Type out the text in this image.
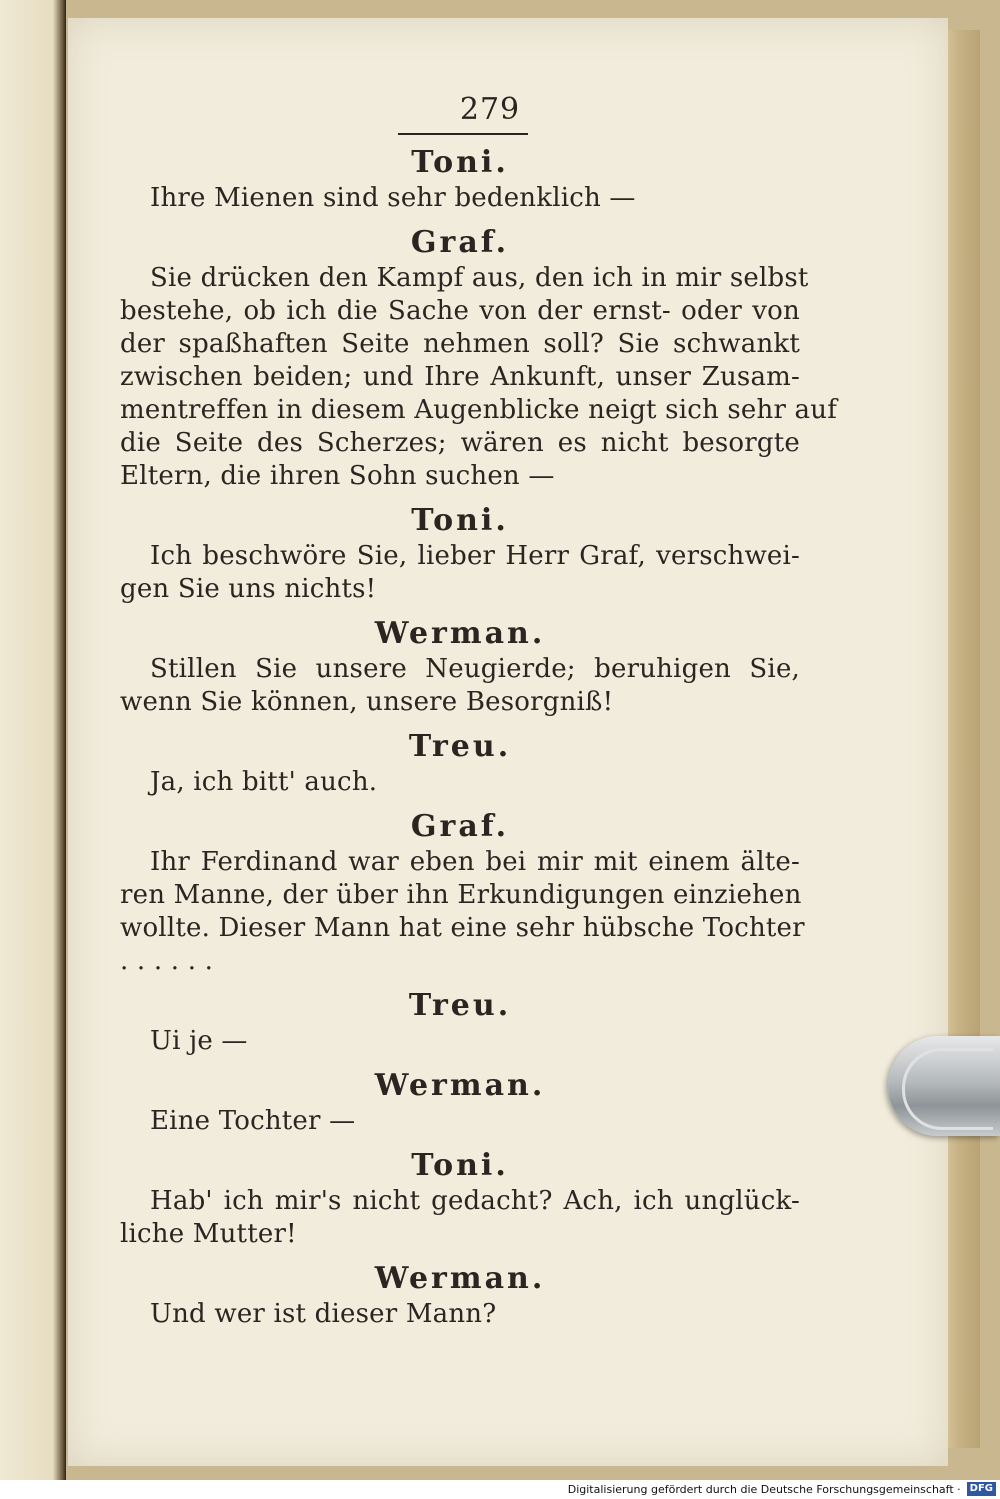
279
Toni.
Ihre Mienen sind sehr bedenklich —
Graf.
Sie drücken den Kampf aus, den ich in mir selbst
bestehe, ob ich die Sache von der ernst- oder von
der spaßhaften Seite nehmen soll? Sie schwankt
zwischen beiden; und Ihre Ankunft, unser Zusam-
mentreffen in diesem Augenblicke neigt sich sehr auf
die Seite des Scherzes; wären es nicht besorgte
Eltern, die ihren Sohn suchen —
Toni.
Ich beschwöre Sie, lieber Herr Graf, verschwei-
gen Sie uns nichts!
Werman.
Stillen Sie unsere Neugierde; beruhigen Sie,
wenn Sie können, unsere Besorgniß!
Treu.
Ja, ich bitt' auch.
Graf.
Ihr Ferdinand war eben bei mir mit einem älte-
ren Manne, der über ihn Erkundigungen einziehen
wollte. Dieser Mann hat eine sehr hübsche Tochter
. . . . . .
Treu.
Ui je —
Werman.
Eine Tochter —
Toni.
Hab' ich mir's nicht gedacht? Ach, ich unglück-
liche Mutter!
Werman.
Und wer ist dieser Mann?
Digitalisierung gefördert durch die Deutsche Forschungsgemeinschaft · DFG
